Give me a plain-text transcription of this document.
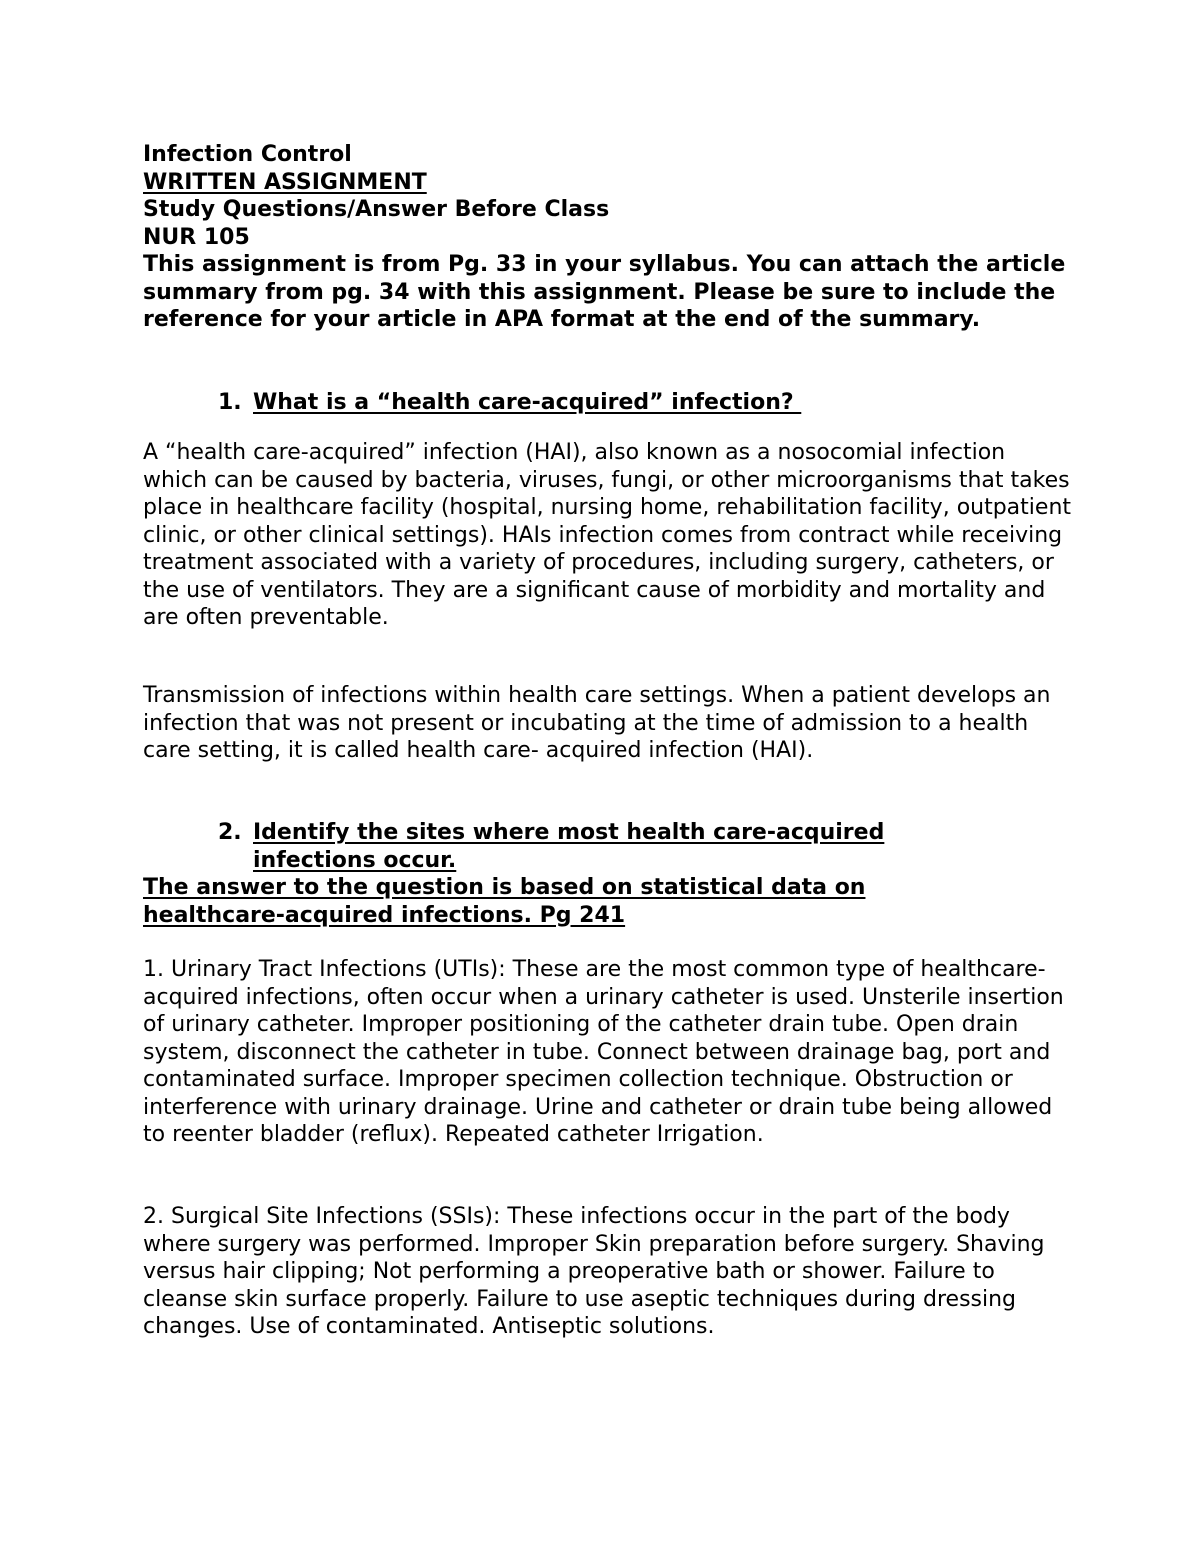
Infection Control
WRITTEN ASSIGNMENT
Study Questions/Answer Before Class
NUR 105

This assignment is from Pg. 33 in your syllabus. You can attach the article summary from pg. 34 with this assignment. Please be sure to include the reference for your article in APA format at the end of the summary.

1. What is a “health care-acquired” infection?

A “health care-acquired” infection (HAI), also known as a nosocomial infection which can be caused by bacteria, viruses, fungi, or other microorganisms that takes place in healthcare facility (hospital, nursing home, rehabilitation facility, outpatient clinic, or other clinical settings). HAIs infection comes from contract while receiving treatment associated with a variety of procedures, including surgery, catheters, or the use of ventilators. They are a significant cause of morbidity and mortality and are often preventable.

Transmission of infections within health care settings. When a patient develops an infection that was not present or incubating at the time of admission to a health care setting, it is called health care- acquired infection (HAI).

2. Identify the sites where most health care-acquired infections occur.

The answer to the question is based on statistical data on healthcare-acquired infections. Pg 241

1. Urinary Tract Infections (UTIs): These are the most common type of healthcare-acquired infections, often occur when a urinary catheter is used. Unsterile insertion of urinary catheter. Improper positioning of the catheter drain tube. Open drain system, disconnect the catheter in tube. Connect between drainage bag, port and contaminated surface. Improper specimen collection technique. Obstruction or interference with urinary drainage. Urine and catheter or drain tube being allowed to reenter bladder (reflux). Repeated catheter Irrigation.

2. Surgical Site Infections (SSIs): These infections occur in the part of the body where surgery was performed. Improper Skin preparation before surgery. Shaving versus hair clipping; Not performing a preoperative bath or shower. Failure to cleanse skin surface properly. Failure to use aseptic techniques during dressing changes. Use of contaminated. Antiseptic solutions.
